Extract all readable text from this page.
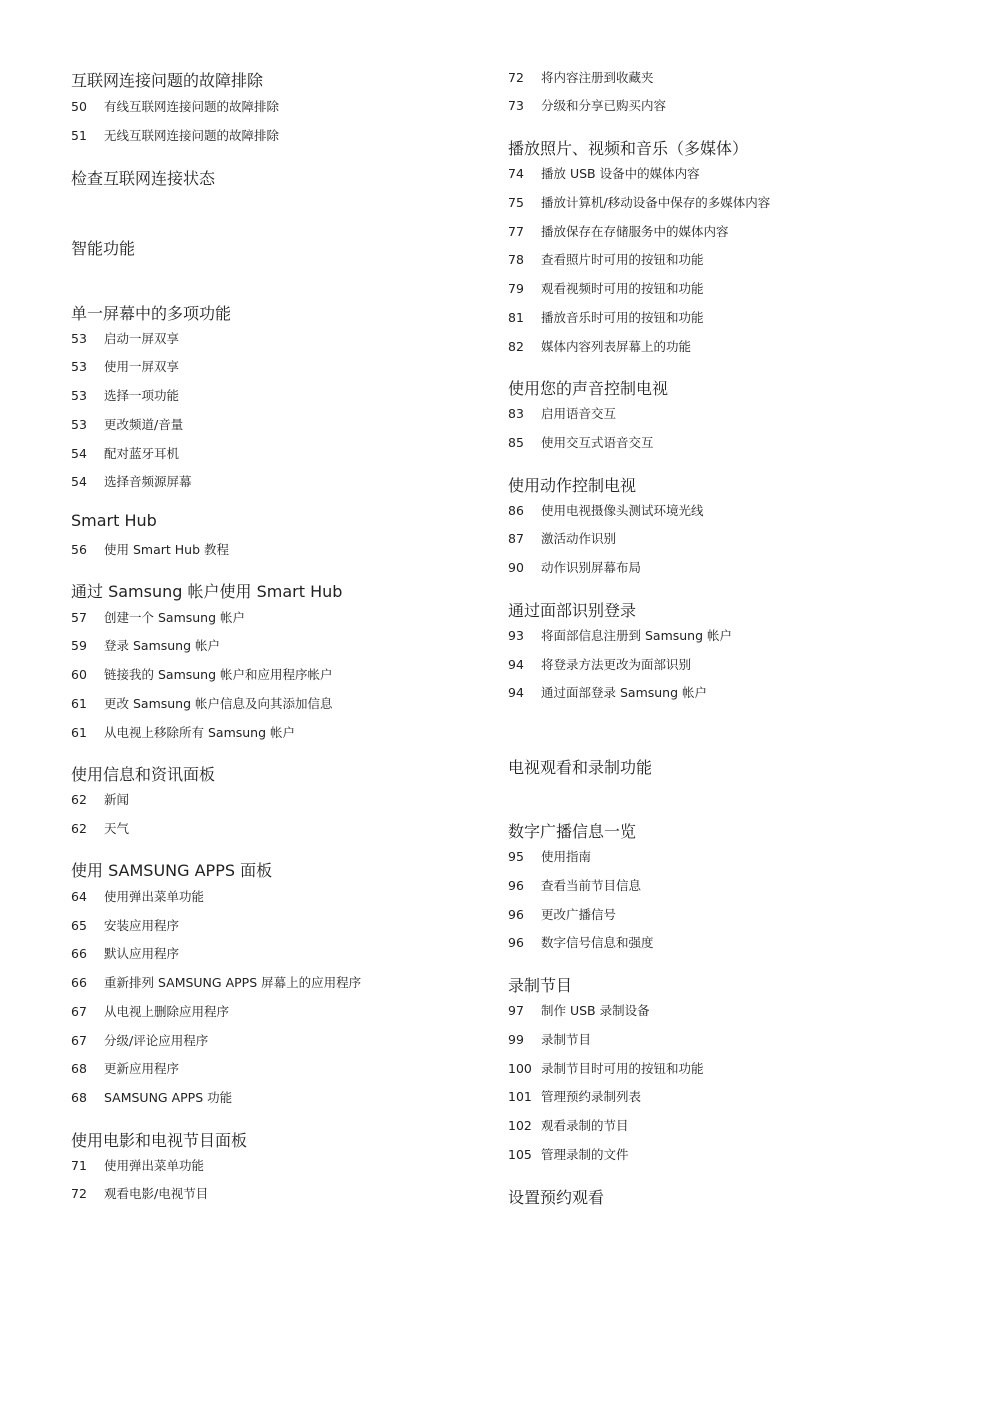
互联网连接问题的故障排除
50 有线互联网连接问题的故障排除
51 无线互联网连接问题的故障排除
检查互联网连接状态
智能功能
单一屏幕中的多项功能
53 启动一屏双享
53 使用一屏双享
53 选择一项功能
53 更改频道/音量
54 配对蓝牙耳机
54 选择音频源屏幕
Smart Hub
56 使用 Smart Hub 教程
通过 Samsung 帐户使用 Smart Hub
57 创建一个 Samsung 帐户
59 登录 Samsung 帐户
60 链接我的 Samsung 帐户和应用程序帐户
61 更改 Samsung 帐户信息及向其添加信息
61 从电视上移除所有 Samsung 帐户
使用信息和资讯面板
62 新闻
62 天气
使用 SAMSUNG APPS 面板
64 使用弹出菜单功能
65 安装应用程序
66 默认应用程序
66 重新排列 SAMSUNG APPS 屏幕上的应用程序
67 从电视上删除应用程序
67 分级/评论应用程序
68 更新应用程序
68 SAMSUNG APPS 功能
使用电影和电视节目面板
71 使用弹出菜单功能
72 观看电影/电视节目
72 将内容注册到收藏夹
73 分级和分享已购买内容
播放照片、视频和音乐（多媒体）
74 播放 USB 设备中的媒体内容
75 播放计算机/移动设备中保存的多媒体内容
77 播放保存在存储服务中的媒体内容
78 查看照片时可用的按钮和功能
79 观看视频时可用的按钮和功能
81 播放音乐时可用的按钮和功能
82 媒体内容列表屏幕上的功能
使用您的声音控制电视
83 启用语音交互
85 使用交互式语音交互
使用动作控制电视
86 使用电视摄像头测试环境光线
87 激活动作识别
90 动作识别屏幕布局
通过面部识别登录
93 将面部信息注册到 Samsung 帐户
94 将登录方法更改为面部识别
94 通过面部登录 Samsung 帐户
电视观看和录制功能
数字广播信息一览
95 使用指南
96 查看当前节目信息
96 更改广播信号
96 数字信号信息和强度
录制节目
97 制作 USB 录制设备
99 录制节目
100 录制节目时可用的按钮和功能
101 管理预约录制列表
102 观看录制的节目
105 管理录制的文件
设置预约观看
